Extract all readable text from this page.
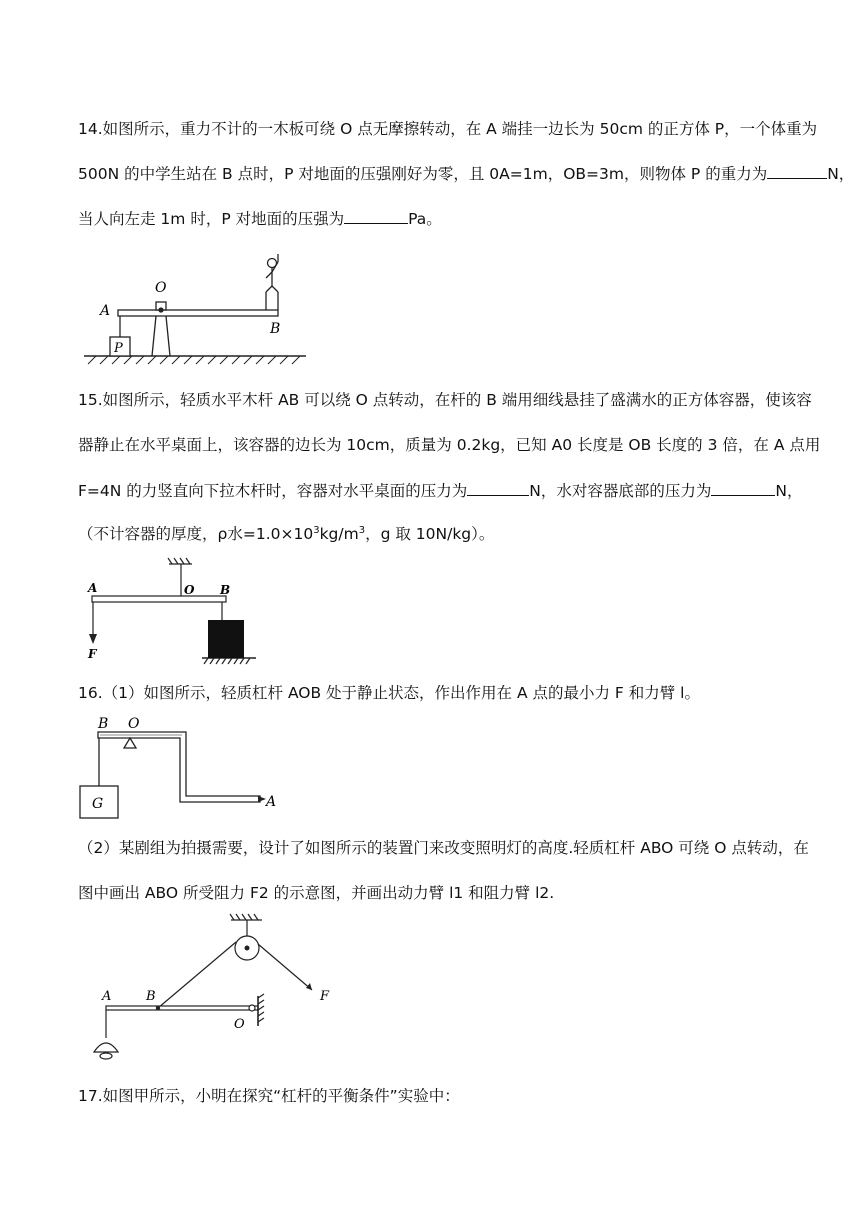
14.如图所示，重力不计的一木板可绕 O 点无摩擦转动，在 A 端挂一边长为 50cm 的正方体 P，一个体重为
500N 的中学生站在 B 点时，P 对地面的压强刚好为零，且 0A=1m，OB=3m，则物体 P 的重力为	N，
当人向左走 1m 时，P 对地面的压强为	Pa。
A
O
B
P
15.如图所示，轻质水平木杆 AB 可以绕 O 点转动，在杆的 B 端用细线悬挂了盛满水的正方体容器，使该容
器静止在水平桌面上，该容器的边长为 10cm，质量为 0.2kg，已知 A0 长度是 OB 长度的 3 倍，在 A 点用
F=4N 的力竖直向下拉木杆时，容器对水平桌面的压力为	N，水对容器底部的压力为	N，
（不计容器的厚度，ρ水$=1.0\times 10^3kg/m^3$，g 取 10N/kg）。
A	O B
F
16.（1）如图所示，轻质杠杆 AOB 处于静止状态，作出作用在 A 点的最小力 F 和力臂 l。
B O
G	A
（2）某剧组为拍摄需要，设计了如图所示的装置门来改变照明灯的高度.轻质杠杆 ABO 可绕 O 点转动，在
图中画出 ABO 所受阻力 F2 的示意图，并画出动力臂 l1 和阻力臂 l2.
A	B
O
F
17.如图甲所示，小明在探究“杠杆的平衡条件”实验中：
